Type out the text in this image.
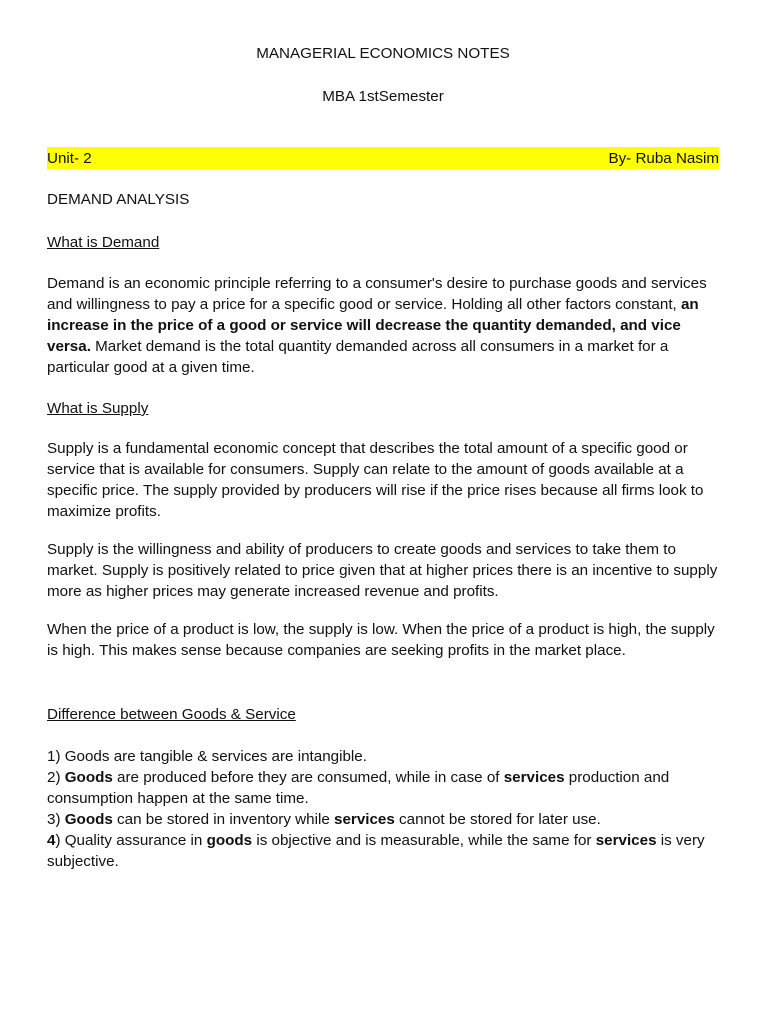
MANAGERIAL ECONOMICS NOTES
MBA 1stSemester
Unit- 2	By- Ruba Nasim
DEMAND ANALYSIS
What is Demand

Demand is an economic principle referring to a consumer's desire to purchase goods and services and willingness to pay a price for a specific good or service. Holding all other factors constant, an increase in the price of a good or service will decrease the quantity demanded, and vice versa. Market demand is the total quantity demanded across all consumers in a market for a particular good at a given time.

What is Supply

Supply is a fundamental economic concept that describes the total amount of a specific good or service that is available for consumers. Supply can relate to the amount of goods available at a specific price. The supply provided by producers will rise if the price rises because all firms look to maximize profits.

Supply is the willingness and ability of producers to create goods and services to take them to market. Supply is positively related to price given that at higher prices there is an incentive to supply more as higher prices may generate increased revenue and profits.

When the price of a product is low, the supply is low. When the price of a product is high, the supply is high. This makes sense because companies are seeking profits in the market place.

Difference between Goods & Service

1) Goods are tangible & services are intangible.

2) Goods are produced before they are consumed, while in case of services production and consumption happen at the same time.

3) Goods can be stored in inventory while services cannot be stored for later use.

4) Quality assurance in goods is objective and is measurable, while the same for services is very subjective.
